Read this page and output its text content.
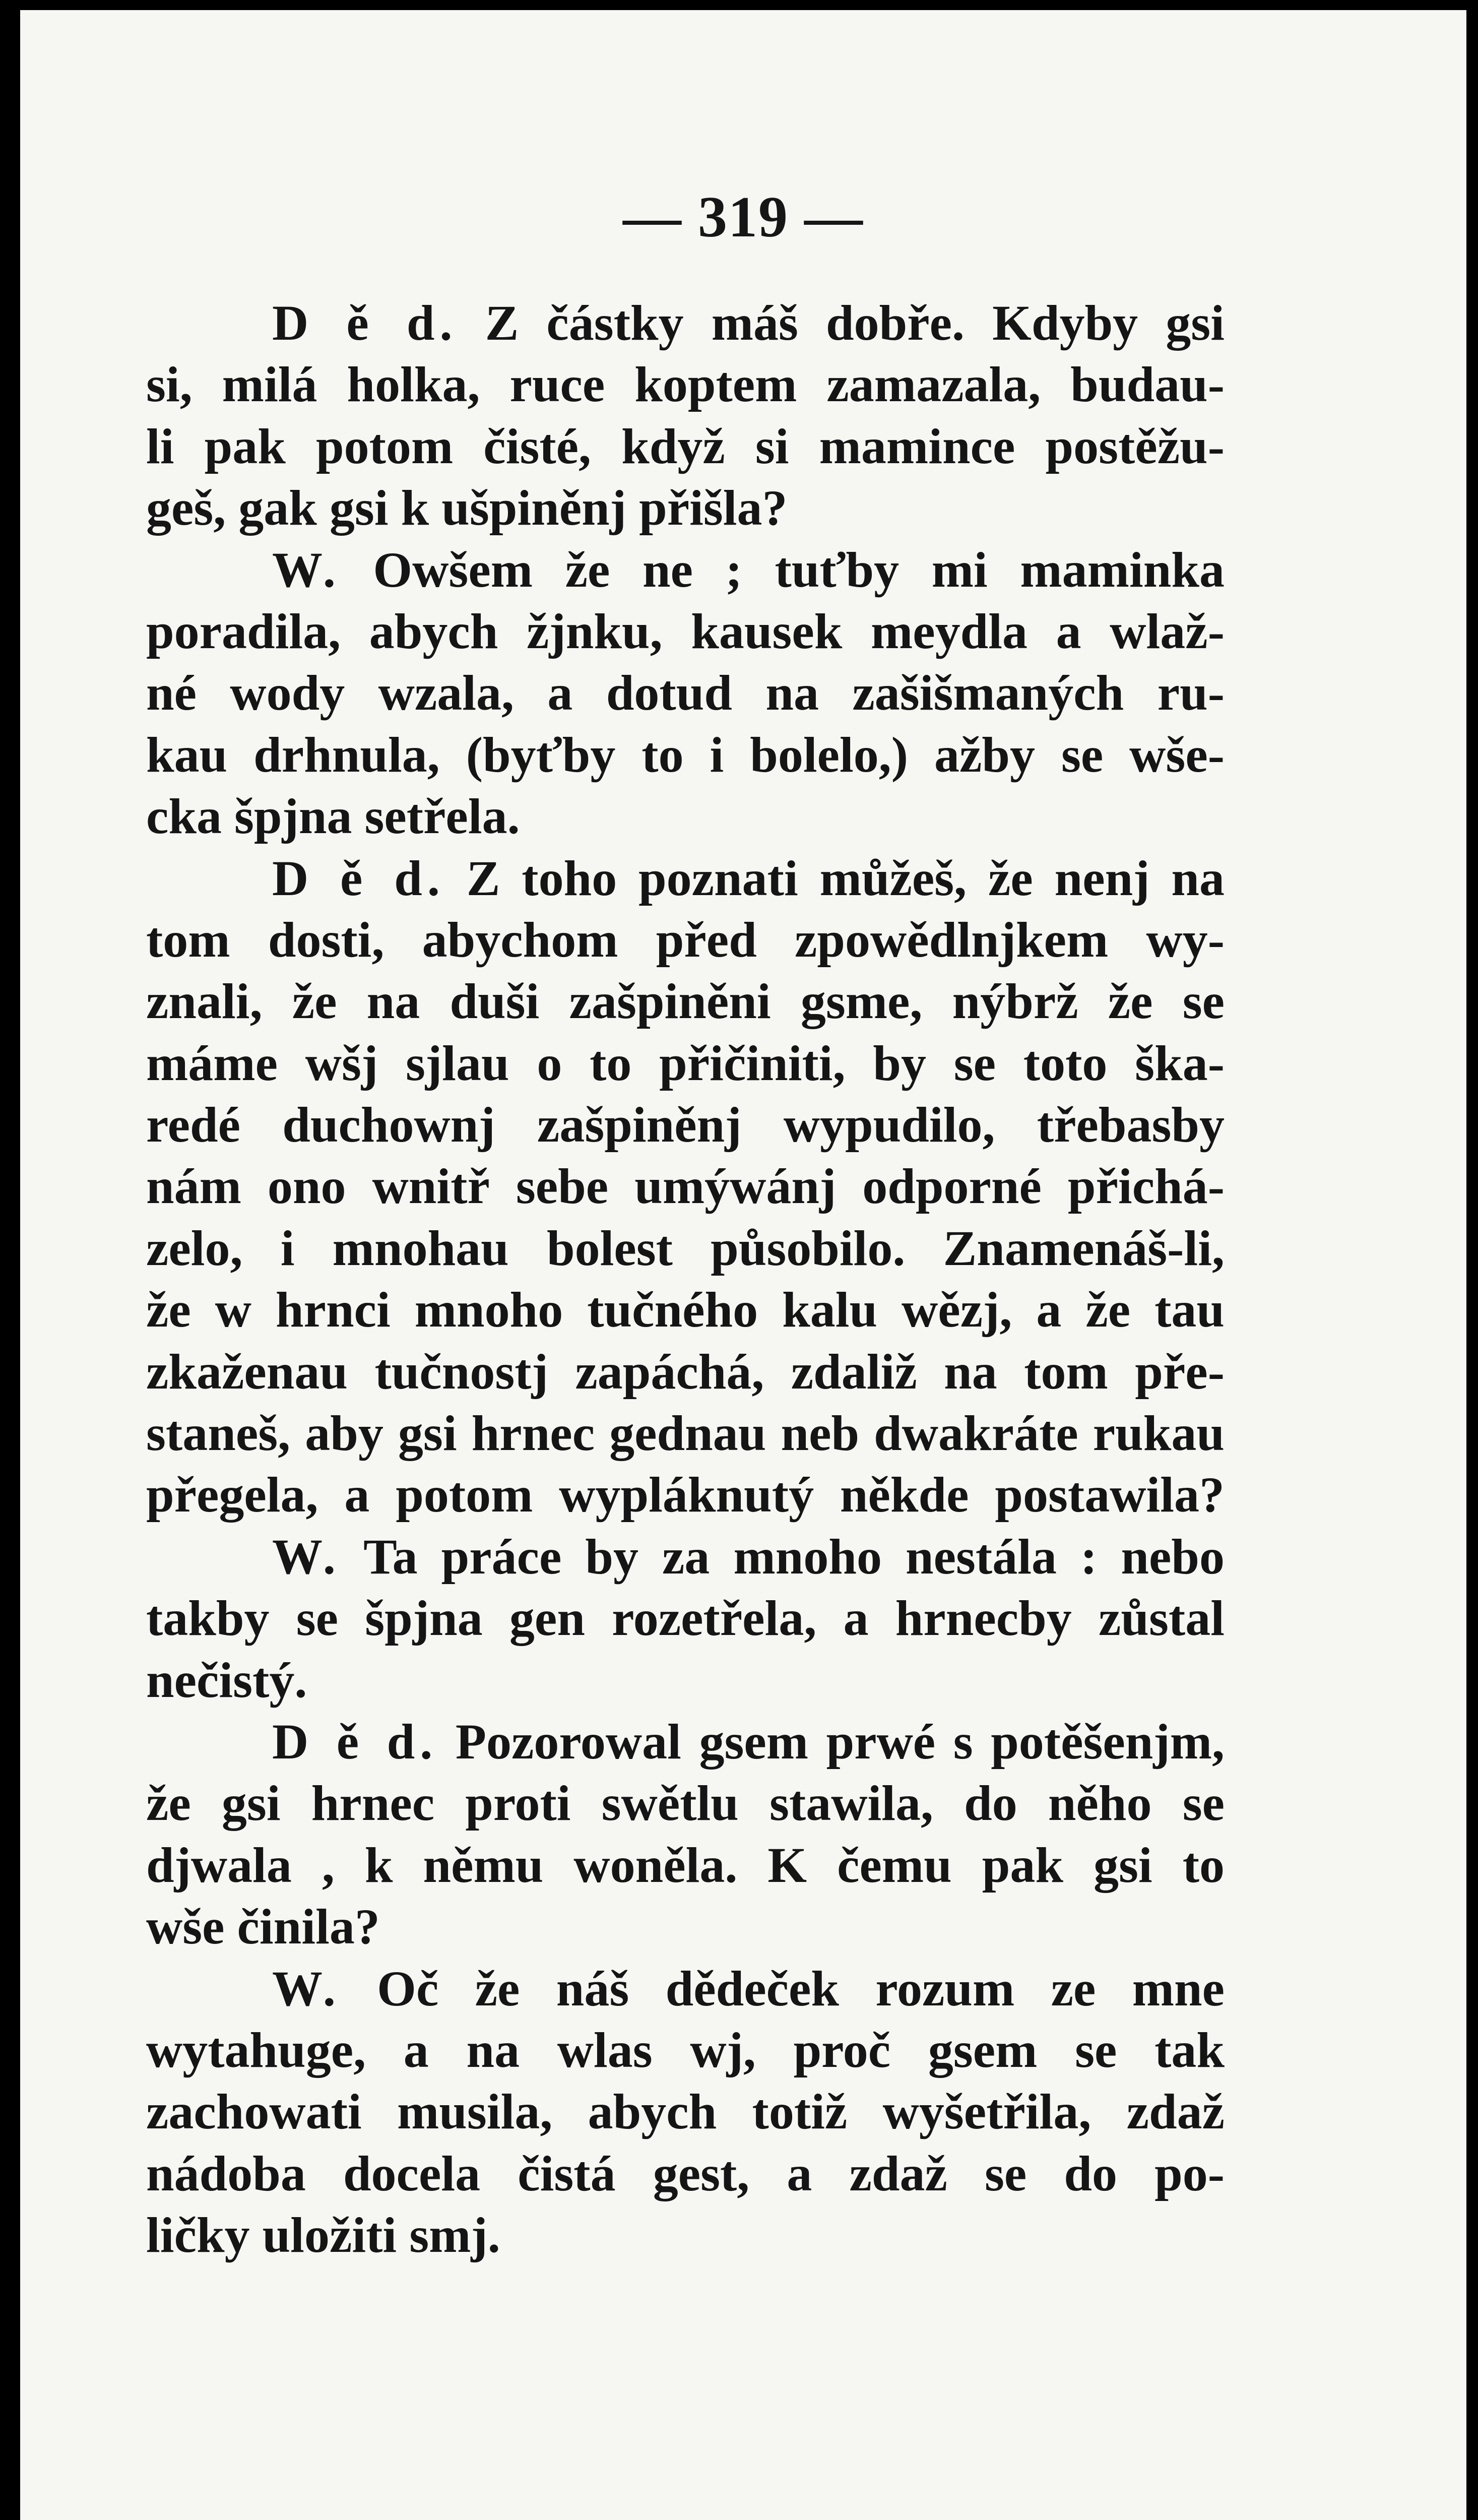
— 319 —
D ě d. Z částky máš dobře. Kdyby gsi
si, milá holka, ruce koptem zamazala, budau-
li pak potom čisté, když si mamince postěžu-
geš, gak gsi k ušpiněnj přišla?
W. Owšem že ne ; tuťby mi maminka
poradila, abych žjnku, kausek meydla a wlaž-
né wody wzala, a dotud na zašišmaných ru-
kau drhnula, (byťby to i bolelo,) ažby se wše-
cka špjna setřela.
D ě d. Z toho poznati můžeš, že nenj na
tom dosti, abychom před zpowědlnjkem wy-
znali, že na duši zašpiněni gsme, nýbrž že se
máme wšj sjlau o to přičiniti, by se toto ška-
redé duchownj zašpiněnj wypudilo, třebasby
nám ono wnitř sebe umýwánj odporné přichá-
zelo, i mnohau bolest působilo. Znamenáš-li,
že w hrnci mnoho tučného kalu wězj, a že tau
zkaženau tučnostj zapáchá, zdaliž na tom pře-
staneš, aby gsi hrnec gednau neb dwakráte rukau
přegela, a potom wypláknutý někde postawila?
W. Ta práce by za mnoho nestála : nebo
takby se špjna gen rozetřela, a hrnecby zůstal
nečistý.
D ě d. Pozorowal gsem prwé s potěšenjm,
že gsi hrnec proti swětlu stawila, do něho se
djwala , k němu woněla. K čemu pak gsi to
wše činila?
W. Oč že náš dědeček rozum ze mne
wytahuge, a na wlas wj, proč gsem se tak
zachowati musila, abych totiž wyšetřila, zdaž
nádoba docela čistá gest, a zdaž se do po-
ličky uložiti smj.
